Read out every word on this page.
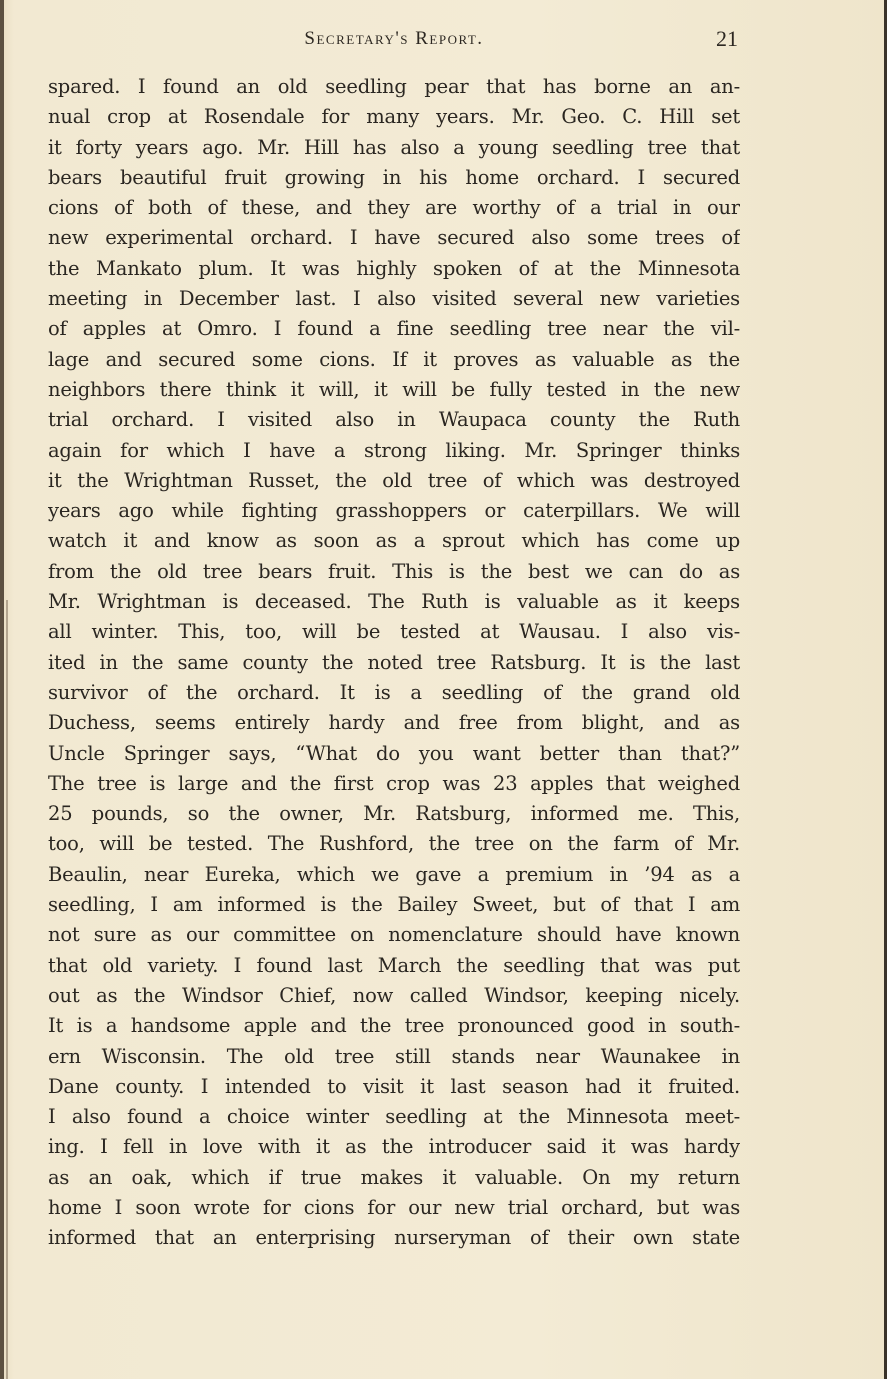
Secretary's Report.	21
spared. I found an old seedling pear that has borne an an-
nual crop at Rosendale for many years. Mr. Geo. C. Hill set
it forty years ago. Mr. Hill has also a young seedling tree that
bears beautiful fruit growing in his home orchard. I secured
cions of both of these, and they are worthy of a trial in our
new experimental orchard. I have secured also some trees of
the Mankato plum. It was highly spoken of at the Minnesota
meeting in December last. I also visited several new varieties
of apples at Omro. I found a fine seedling tree near the vil-
lage and secured some cions. If it proves as valuable as the
neighbors there think it will, it will be fully tested in the new
trial orchard. I visited also in Waupaca county the Ruth
again for which I have a strong liking. Mr. Springer thinks
it the Wrightman Russet, the old tree of which was destroyed
years ago while fighting grasshoppers or caterpillars. We will
watch it and know as soon as a sprout which has come up
from the old tree bears fruit. This is the best we can do as
Mr. Wrightman is deceased. The Ruth is valuable as it keeps
all winter. This, too, will be tested at Wausau. I also vis-
ited in the same county the noted tree Ratsburg. It is the last
survivor of the orchard. It is a seedling of the grand old
Duchess, seems entirely hardy and free from blight, and as
Uncle Springer says, “What do you want better than that?”
The tree is large and the first crop was 23 apples that weighed
25 pounds, so the owner, Mr. Ratsburg, informed me. This,
too, will be tested. The Rushford, the tree on the farm of Mr.
Beaulin, near Eureka, which we gave a premium in ’94 as a
seedling, I am informed is the Bailey Sweet, but of that I am
not sure as our committee on nomenclature should have known
that old variety. I found last March the seedling that was put
out as the Windsor Chief, now called Windsor, keeping nicely.
It is a handsome apple and the tree pronounced good in south-
ern Wisconsin. The old tree still stands near Waunakee in
Dane county. I intended to visit it last season had it fruited.
I also found a choice winter seedling at the Minnesota meet-
ing. I fell in love with it as the introducer said it was hardy
as an oak, which if true makes it valuable. On my return
home I soon wrote for cions for our new trial orchard, but was
informed that an enterprising nurseryman of their own state
